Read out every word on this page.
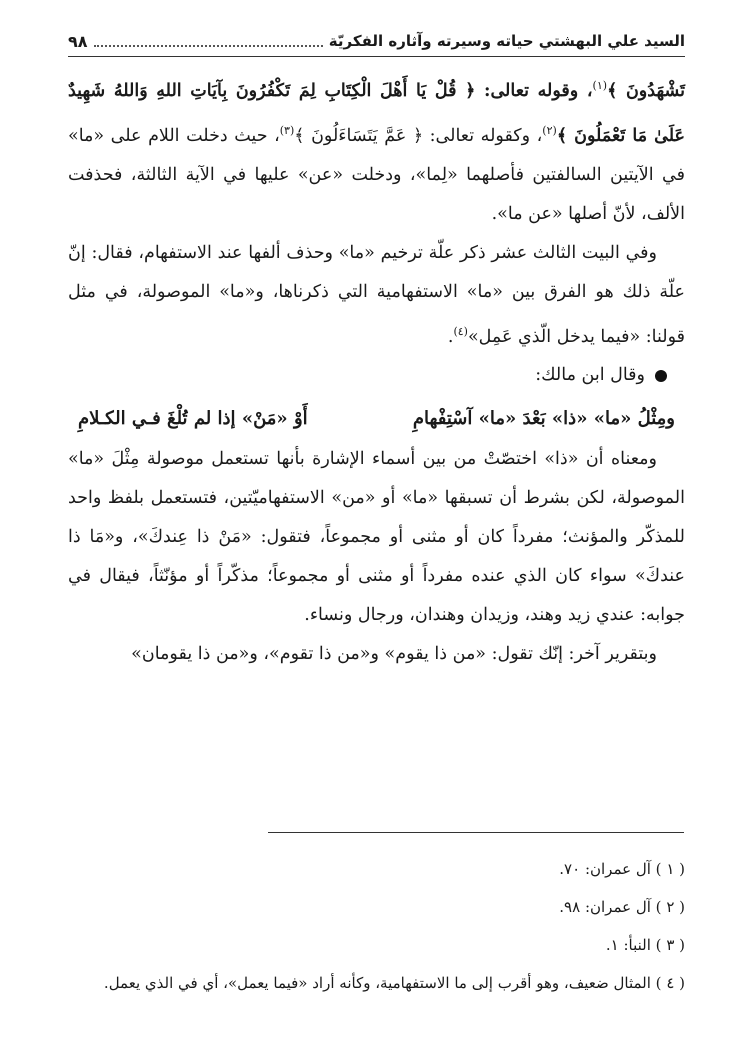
السيد علي البهشتي حياته وسيرته وآثاره الفكريّة
٩٨

تَشْهَدُونَ ﴾$^{(١)}$، وقوله تعالى: ﴿ قُلْ يَا أَهْلَ الْكِتَابِ لِمَ تَكْفُرُونَ بِآيَاتِ اللهِ وَاللهُ شَهِيدٌ عَلَىٰ مَا تَعْمَلُونَ ﴾$^{(٢)}$، وكقوله تعالى: ﴿ عَمَّ يَتَسَاءَلُونَ ﴾$^{(٣)}$، حيث دخلت اللام على «ما» في الآيتين السالفتين فأصلهما «لِما»، ودخلت «عن» عليها في الآية الثالثة، فحذفت الألف، لأنّ أصلها «عن ما».

وفي البيت الثالث عشر ذكر علّة ترخيم «ما» وحذف ألفها عند الاستفهام، فقال: إنّ علّة ذلك هو الفرق بين «ما» الاستفهامية التي ذكرناها، و«ما» الموصولة، في مثل قولنا: «فيما يدخل الّذي عَمِل»$^{(٤)}$.

وقال ابن مالك:
ومِثْلُ «ما» «ذا» بَعْدَ «ما» آسْتِفْهامِ
أَوْ «مَنْ» إذا لم تُلْغَ فـي الكـلامِ

ومعناه أن «ذا» اختصّتْ من بين أسماء الإشارة بأنها تستعمل موصولة مِثْلَ «ما» الموصولة، لكن بشرط أن تسبقها «ما» أو «من» الاستفهاميّتين، فتستعمل بلفظ واحد للمذكّر والمؤنث؛ مفرداً كان أو مثنى أو مجموعاً، فتقول: «مَنْ ذا عِندكَ»، و«مَا ذا عندكَ» سواء كان الذي عنده مفرداً أو مثنى أو مجموعاً؛ مذكّراً أو مؤنّثاً، فيقال في جوابه: عندي زيد وهند، وزيدان وهندان، ورجال ونساء.

وبتقرير آخر: إنّك تقول: «من ذا يقوم» و«من ذا تقوم»، و«من ذا يقومان»

( ١ ) آل عمران: ٧٠.
( ٢ ) آل عمران: ٩٨.
( ٣ ) النبأ: ١.
( ٤ ) المثال ضعيف، وهو أقرب إلى ما الاستفهامية، وكأنه أراد «فيما يعمل»، أي في الذي يعمل.
